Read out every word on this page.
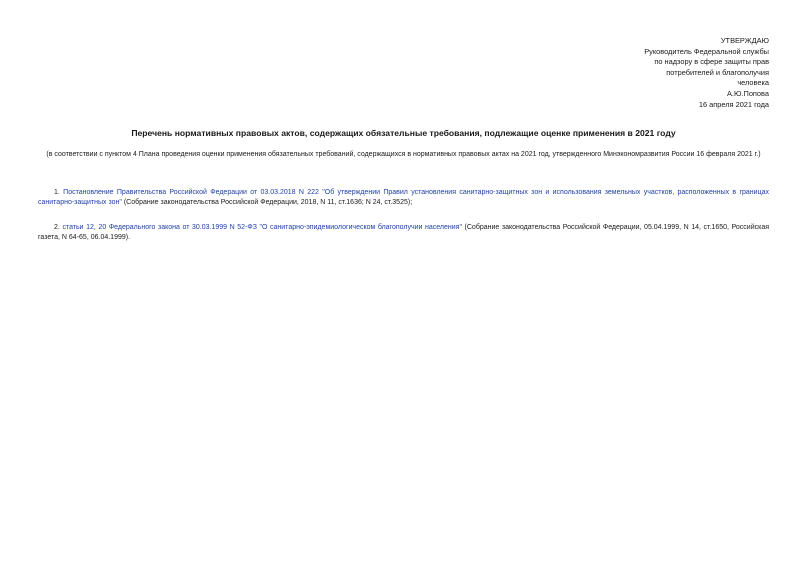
УТВЕРЖДАЮ
Руководитель Федеральной службы
по надзору в сфере защиты прав
потребителей и благополучия
человека
А.Ю.Попова
16 апреля 2021 года
Перечень нормативных правовых актов, содержащих обязательные требования, подлежащие оценке применения в 2021 году
(в соответствии с пунктом 4 Плана проведения оценки применения обязательных требований, содержащихся в нормативных правовых актах на 2021 год, утвержденного Минэкономразвития России 16 февраля 2021 г.)
1. Постановление Правительства Российской Федерации от 03.03.2018 N 222 "Об утверждении Правил установления санитарно-защитных зон и использования земельных участков, расположенных в границах санитарно-защитных зон" (Собрание законодательства Российской Федерации, 2018, N 11, ст.1636; N 24, ст.3525);
2. статьи 12, 20 Федерального закона от 30.03.1999 N 52-ФЗ "О санитарно-эпидемиологическом благополучии населения" (Собрание законодательства Российской Федерации, 05.04.1999, N 14, ст.1650, Российская газета, N 64-65, 06.04.1999).
